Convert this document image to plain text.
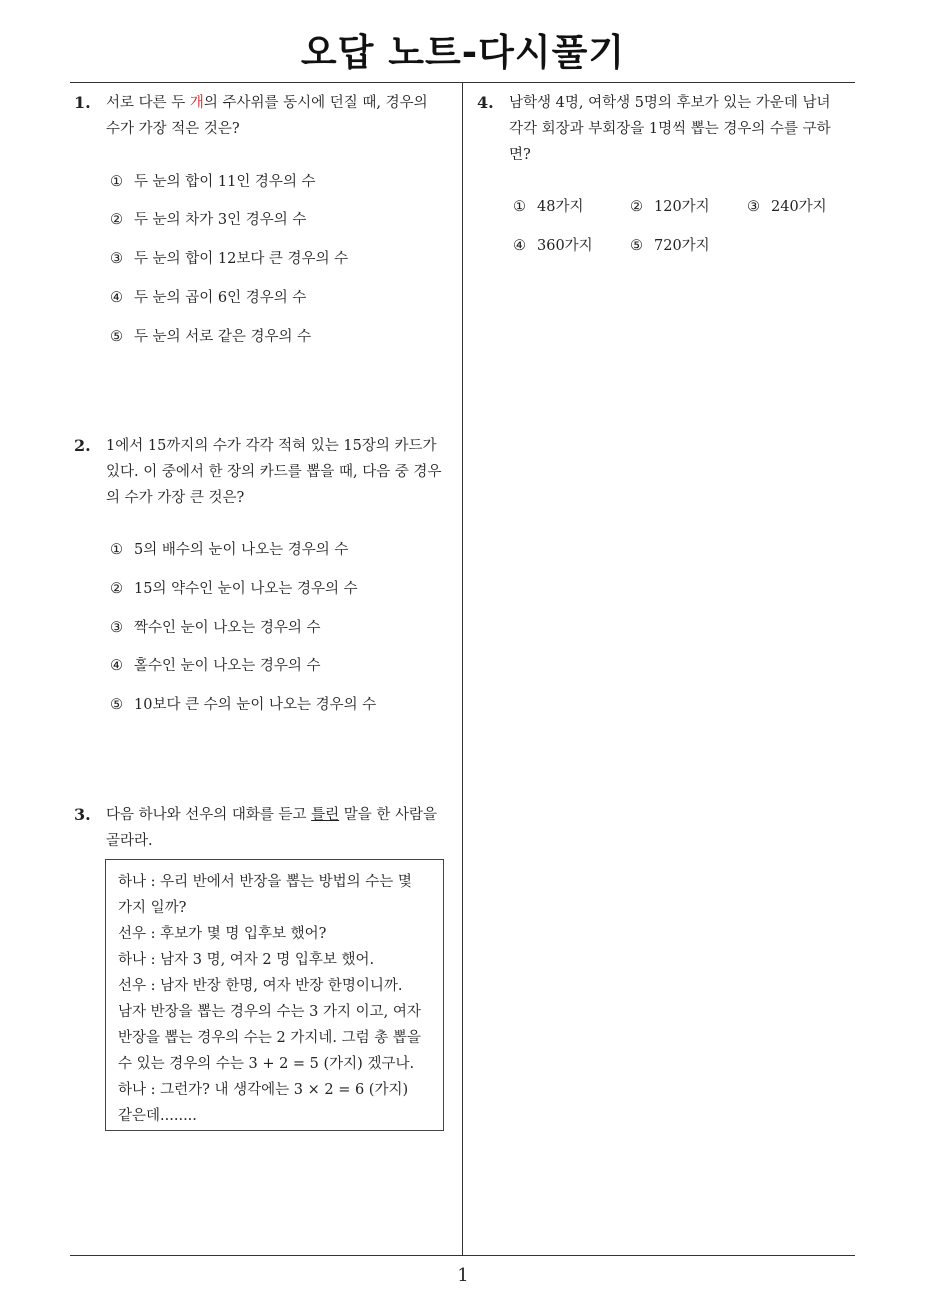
오답 노트-다시풀기
1
1. 서로 다른 두 개의 주사위를 동시에 던질 때, 경우의
수가 가장 적은 것은?
① 두 눈의 합이 11인 경우의 수
② 두 눈의 차가 3인 경우의 수
③ 두 눈의 합이 12보다 큰 경우의 수
④ 두 눈의 곱이 6인 경우의 수
⑤ 두 눈의 서로 같은 경우의 수
2. 1에서 15까지의 수가 각각 적혀 있는 15장의 카드가
있다. 이 중에서 한 장의 카드를 뽑을 때, 다음 중 경우
의 수가 가장 큰 것은?
① 5의 배수의 눈이 나오는 경우의 수
② 15의 약수인 눈이 나오는 경우의 수
③ 짝수인 눈이 나오는 경우의 수
④ 홀수인 눈이 나오는 경우의 수
⑤ 10보다 큰 수의 눈이 나오는 경우의 수
3. 다음 하나와 선우의 대화를 듣고 틀린 말을 한 사람을
골라라.
하나 : 우리 반에서 반장을 뽑는 방법의 수는 몇
가지 일까?
선우 : 후보가 몇 명 입후보 했어?
하나 : 남자 3 명, 여자 2 명 입후보 했어.
선우 : 남자 반장 한명, 여자 반장 한명이니까.
남자 반장을 뽑는 경우의 수는 3 가지 이고, 여자
반장을 뽑는 경우의 수는 2 가지네. 그럼 총 뽑을
수 있는 경우의 수는 3 + 2 = 5 (가지) 겠구나.
하나 : 그런가? 내 생각에는 3 × 2 = 6 (가지)
같은데........
4. 남학생 4명, 여학생 5명의 후보가 있는 가운데 남녀
각각 회장과 부회장을 1명씩 뽑는 경우의 수를 구하
면?
① 48가지	② 120가지	③ 240가지
④ 360가지	⑤ 720가지
